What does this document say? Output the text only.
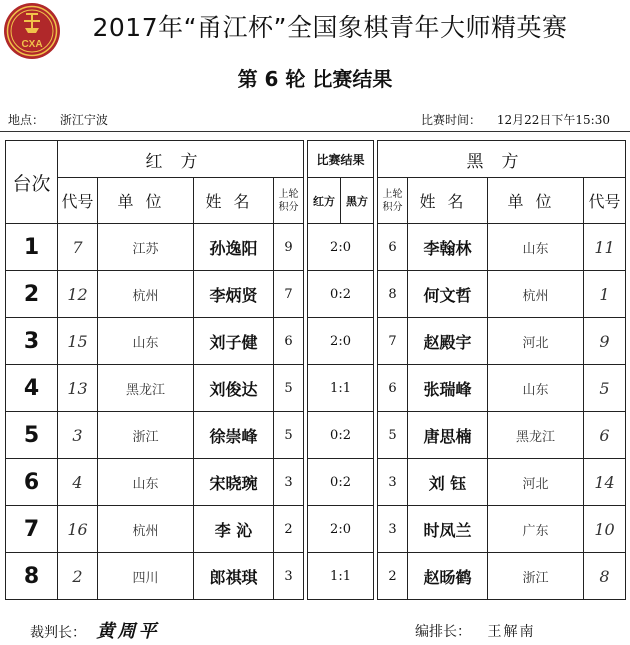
CXA
2017年“甬江杯”全国象棋青年大师精英赛
第 6 轮 比赛结果
地点： 浙江宁波	比赛时间： 12月22日下午15:30
台次	红方					比赛结果			黑方			
	代号	单位	姓名	上轮积分		红方	黑方		上轮积分	姓名	单位	代号
1	7	江苏	孙逸阳	9		2:0			6	李翰林	山东	11
2	12	杭州	李炳贤	7		0:2			8	何文哲	杭州	1
3	15	山东	刘子健	6		2:0			7	赵殿宇	河北	9
4	13	黑龙江	刘俊达	5		1:1			6	张瑞峰	山东	5
5	3	浙江	徐崇峰	5		0:2			5	唐思楠	黑龙江	6
6	4	山东	宋晓琬	3		0:2			3	刘 钰	河北	14
7	16	杭州	李 沁	2		2:0			3	时凤兰	广东	10
8	2	四川	郎祺琪	3		1:1			2	赵旸鹤	浙江	8
裁判长： 黄周平	编排长： 王解南
